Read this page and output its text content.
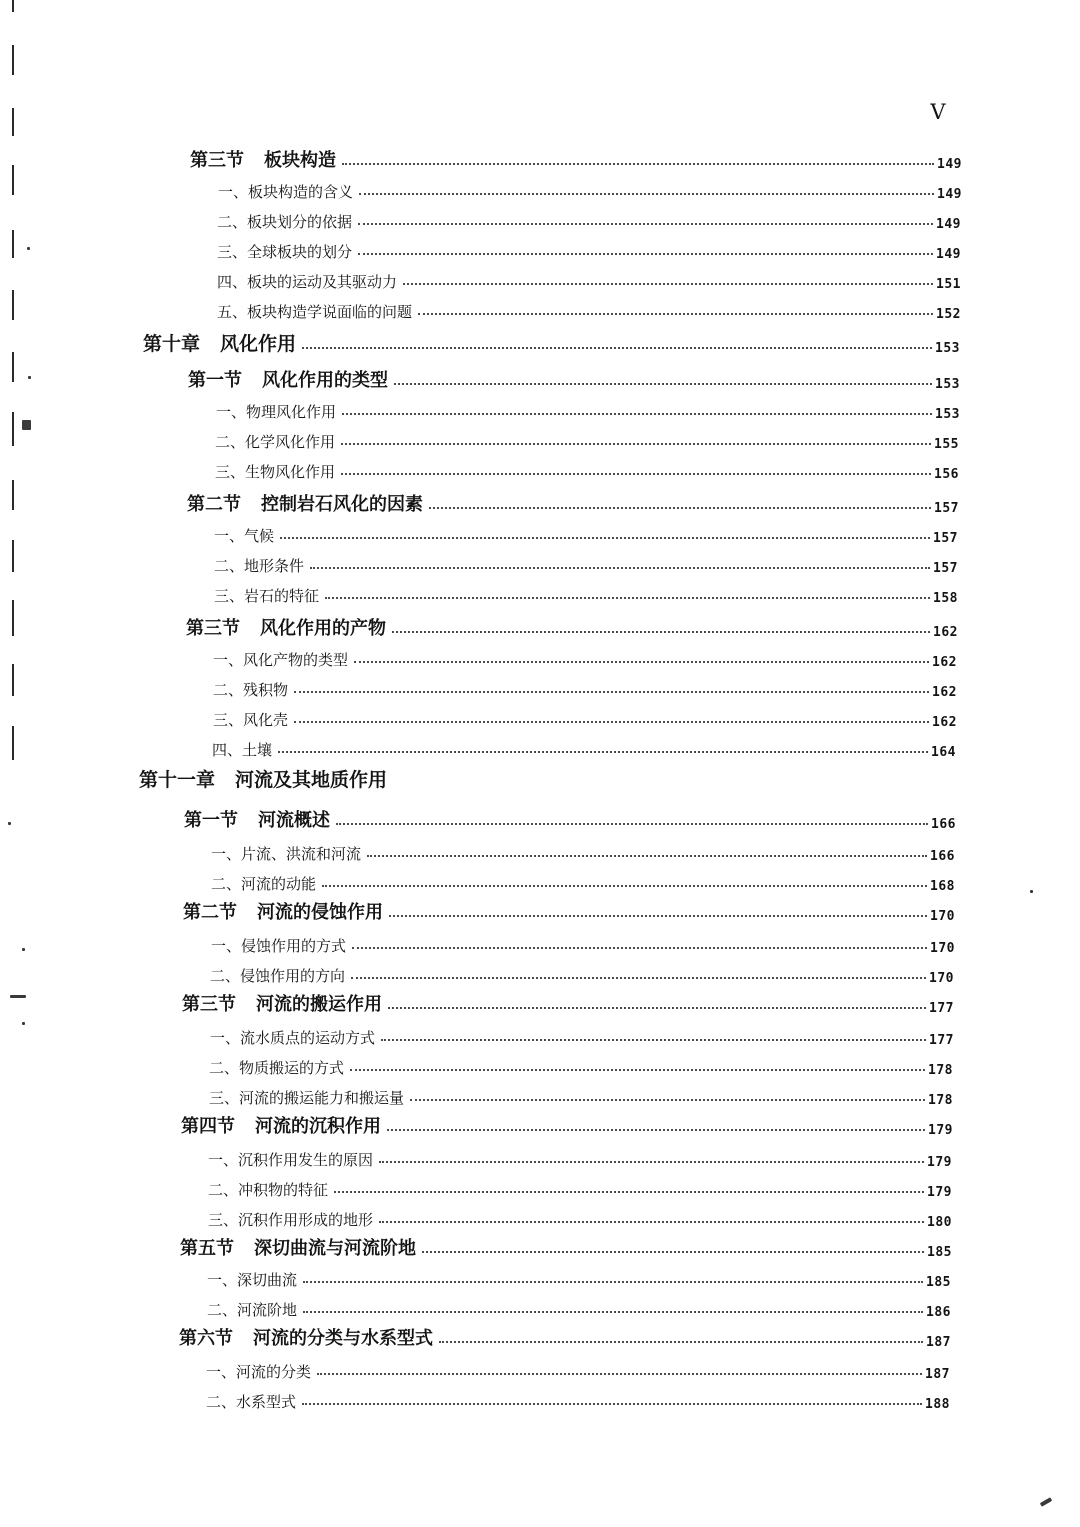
V
第三节 板块构造	149
一、板块构造的含义	149
二、板块划分的依据	149
三、全球板块的划分	149
四、板块的运动及其驱动力	151
五、板块构造学说面临的问题	152
第十章 风化作用	153
第一节 风化作用的类型	153
一、物理风化作用	153
二、化学风化作用	155
三、生物风化作用	156
第二节 控制岩石风化的因素	157
一、气候	157
二、地形条件	157
三、岩石的特征	158
第三节 风化作用的产物	162
一、风化产物的类型	162
二、残积物	162
三、风化壳	162
四、土壤	164
第十一章 河流及其地质作用
第一节 河流概述	166
一、片流、洪流和河流	166
二、河流的动能	168
第二节 河流的侵蚀作用	170
一、侵蚀作用的方式	170
二、侵蚀作用的方向	170
第三节 河流的搬运作用	177
一、流水质点的运动方式	177
二、物质搬运的方式	178
三、河流的搬运能力和搬运量	178
第四节 河流的沉积作用	179
一、沉积作用发生的原因	179
二、冲积物的特征	179
三、沉积作用形成的地形	180
第五节 深切曲流与河流阶地	185
一、深切曲流	185
二、河流阶地	186
第六节 河流的分类与水系型式	187
一、河流的分类	187
二、水系型式	188
